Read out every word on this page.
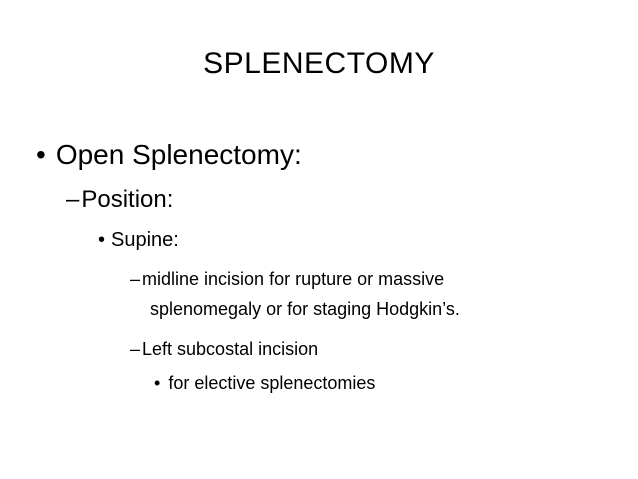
SPLENECTOMY
• Open Splenectomy:
–Position:
• Supine:
– midline incision for rupture or massive
splenomegaly or for staging Hodgkin’s.
– Left subcostal incision
• for elective splenectomies
